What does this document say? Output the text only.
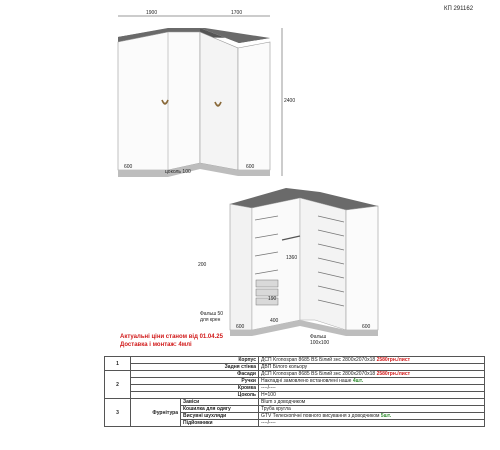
КП 291162
1900	1700
2400
600	600
цоколь 100
200
1360
190
400
Фальш 50
для крен
Фальш
100х100
600	600
Актуальні ціни станом від 01.04.25
Доставка і монтаж: 4млі
1	Корпус		ДСП Kronospan 8685 BS Білий знс 2800x2070x18 2580грн./лист
	Задня стінка		ДВП Білого кольору
2	Фасади		ДСП Kronospan 8685 BS Білий знс 2800x2070x18 2580грн./лист
	Ручки		Накладні замовлено встановлені наше 4шт.
	Кромка		----/----
	Цоколь		Н=100
3	Фурнітура	Завіси	Blum з доводчиком
		Кошилка для одягу	Труба кругла
		Висувні шухляди	GTV Телескопічні повного висування з доводчиком 5шт.
		Підйомники	----/----
